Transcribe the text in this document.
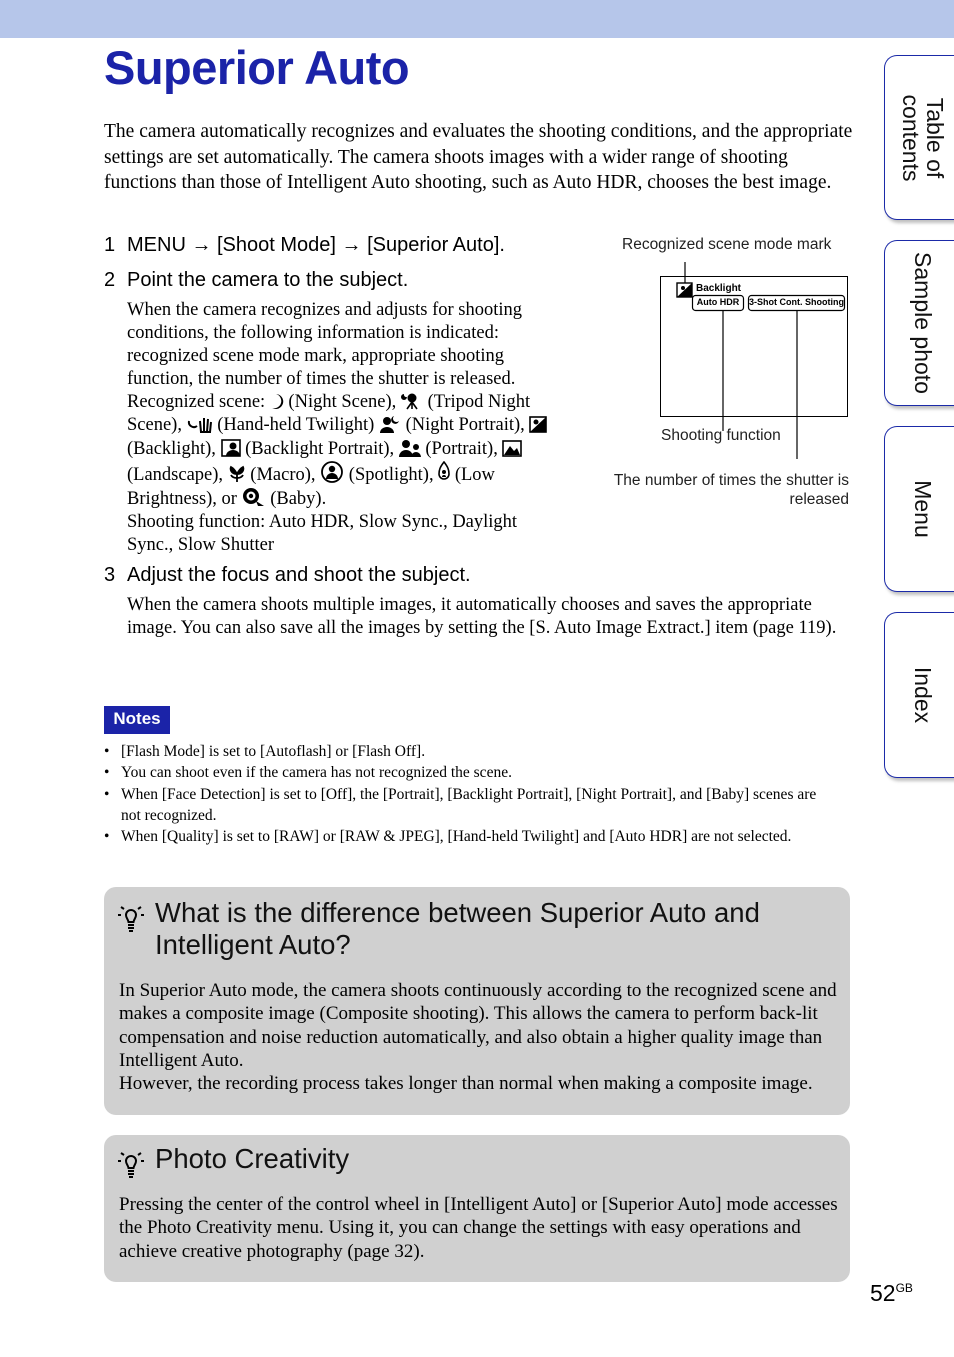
Superior Auto

The camera automatically recognizes and evaluates the shooting conditions, and the appropriate settings are set automatically. The camera shoots images with a wider range of shooting functions than those of Intelligent Auto shooting, such as Auto HDR, chooses the best image.

1 MENU → [Shoot Mode] → [Superior Auto].
2 Point the camera to the subject.
When the camera recognizes and adjusts for shooting conditions, the following information is indicated: recognized scene mode mark, appropriate shooting function, the number of times the shutter is released.
Recognized scene: (Night Scene), (Tripod Night Scene), (Hand-held Twilight) (Night Portrait),
(Backlight), (Backlight Portrait), (Portrait),
(Landscape), (Macro), (Spotlight), (Low Brightness), or (Baby).
Shooting function: Auto HDR, Slow Sync., Daylight Sync., Slow Shutter
Recognized scene mode mark
Shooting function
The number of times the shutter is
released
Backlight
Auto HDR	3-Shot Cont. Shooting
3 Adjust the focus and shoot the subject.
When the camera shoots multiple images, it automatically chooses and saves the appropriate image. You can also save all the images by setting the [S. Auto Image Extract.] item (page 119).
Notes
• [Flash Mode] is set to [Autoflash] or [Flash Off].
• You can shoot even if the camera has not recognized the scene.
• When [Face Detection] is set to [Off], the [Portrait], [Backlight Portrait], [Night Portrait], and [Baby] scenes are not recognized.
• When [Quality] is set to [RAW] or [RAW & JPEG], [Hand-held Twilight] and [Auto HDR] are not selected.
What is the difference between Superior Auto and
Intelligent Auto?
In Superior Auto mode, the camera shoots continuously according to the recognized scene and makes a composite image (Composite shooting). This allows the camera to perform back-lit compensation and noise reduction automatically, and also obtain a higher quality image than Intelligent Auto.
However, the recording process takes longer than normal when making a composite image.
Photo Creativity

Pressing the center of the control wheel in [Intelligent Auto] or [Superior Auto] mode accesses the Photo Creativity menu. Using it, you can change the settings with easy operations and achieve creative photography (page 32).

Table of
contents
Sample photo
Menu
Index
$52^{GB}$
